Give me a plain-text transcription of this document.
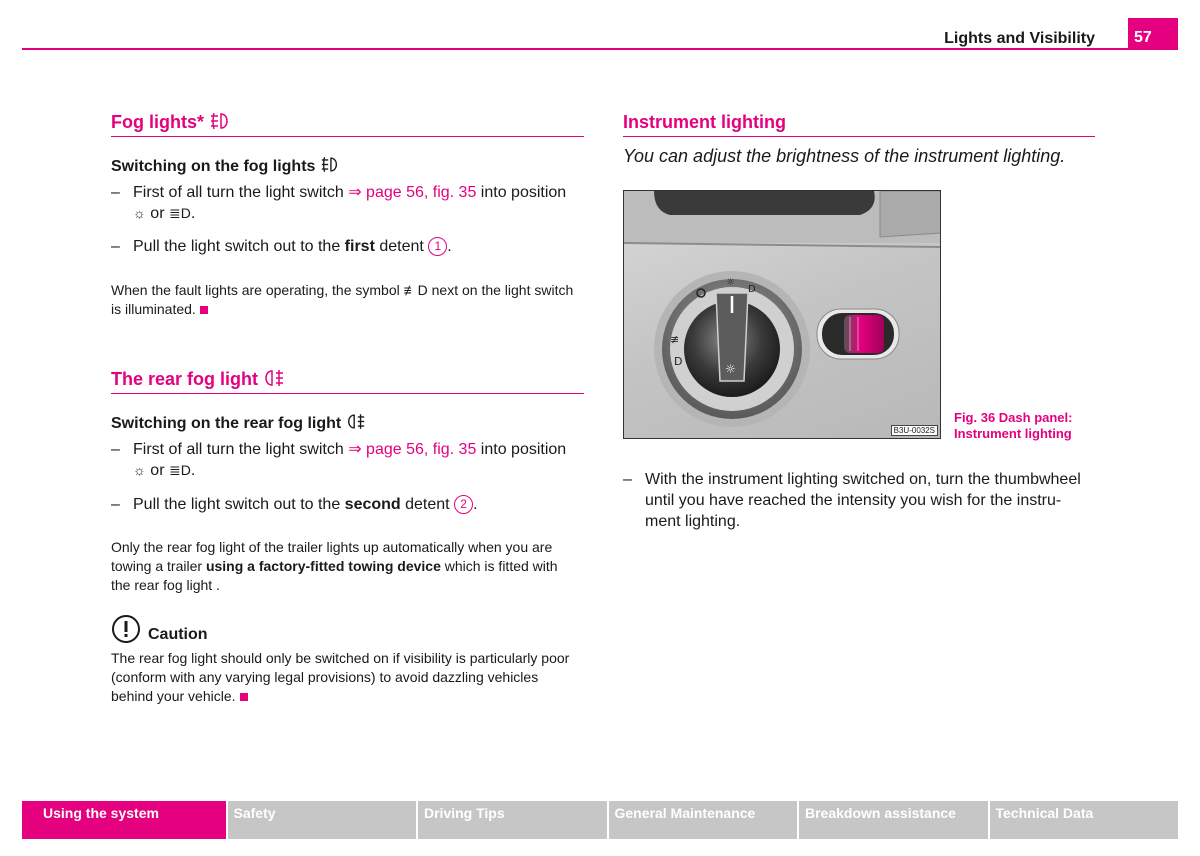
Lights and Visibility	57
Fog lights*
Switching on the fog lights
– First of all turn the light switch ⇒ page 56, fig. 35 into position
☼ or ≣D.
– Pull the light switch out to the first detent 1 .
When the fault lights are operating, the symbol ≢D next on the light switch
is illuminated.
The rear fog light
Switching on the rear fog light
– First of all turn the light switch ⇒ page 56, fig. 35 into position
☼ or ≣D.
– Pull the light switch out to the second detent 2 .
Only the rear fog light of the trailer lights up automatically when you are
towing a trailer using a factory-fitted towing device which is fitted with
the rear fog light .
Caution
The rear fog light should only be switched on if visibility is particularly poor
(conform with any varying legal provisions) to avoid dazzling vehicles
behind your vehicle.
Instrument lighting
You can adjust the brightness of the instrument lighting.
☼
D
≢
D
☼
B3U-0032S
Fig. 36 Dash panel:
Instrument lighting
– With the instrument lighting switched on, turn the thumbwheel
until you have reached the intensity you wish for the instru-
ment lighting.
Using the system	Safety	Driving Tips	General Maintenance	Breakdown assistance	Technical Data
